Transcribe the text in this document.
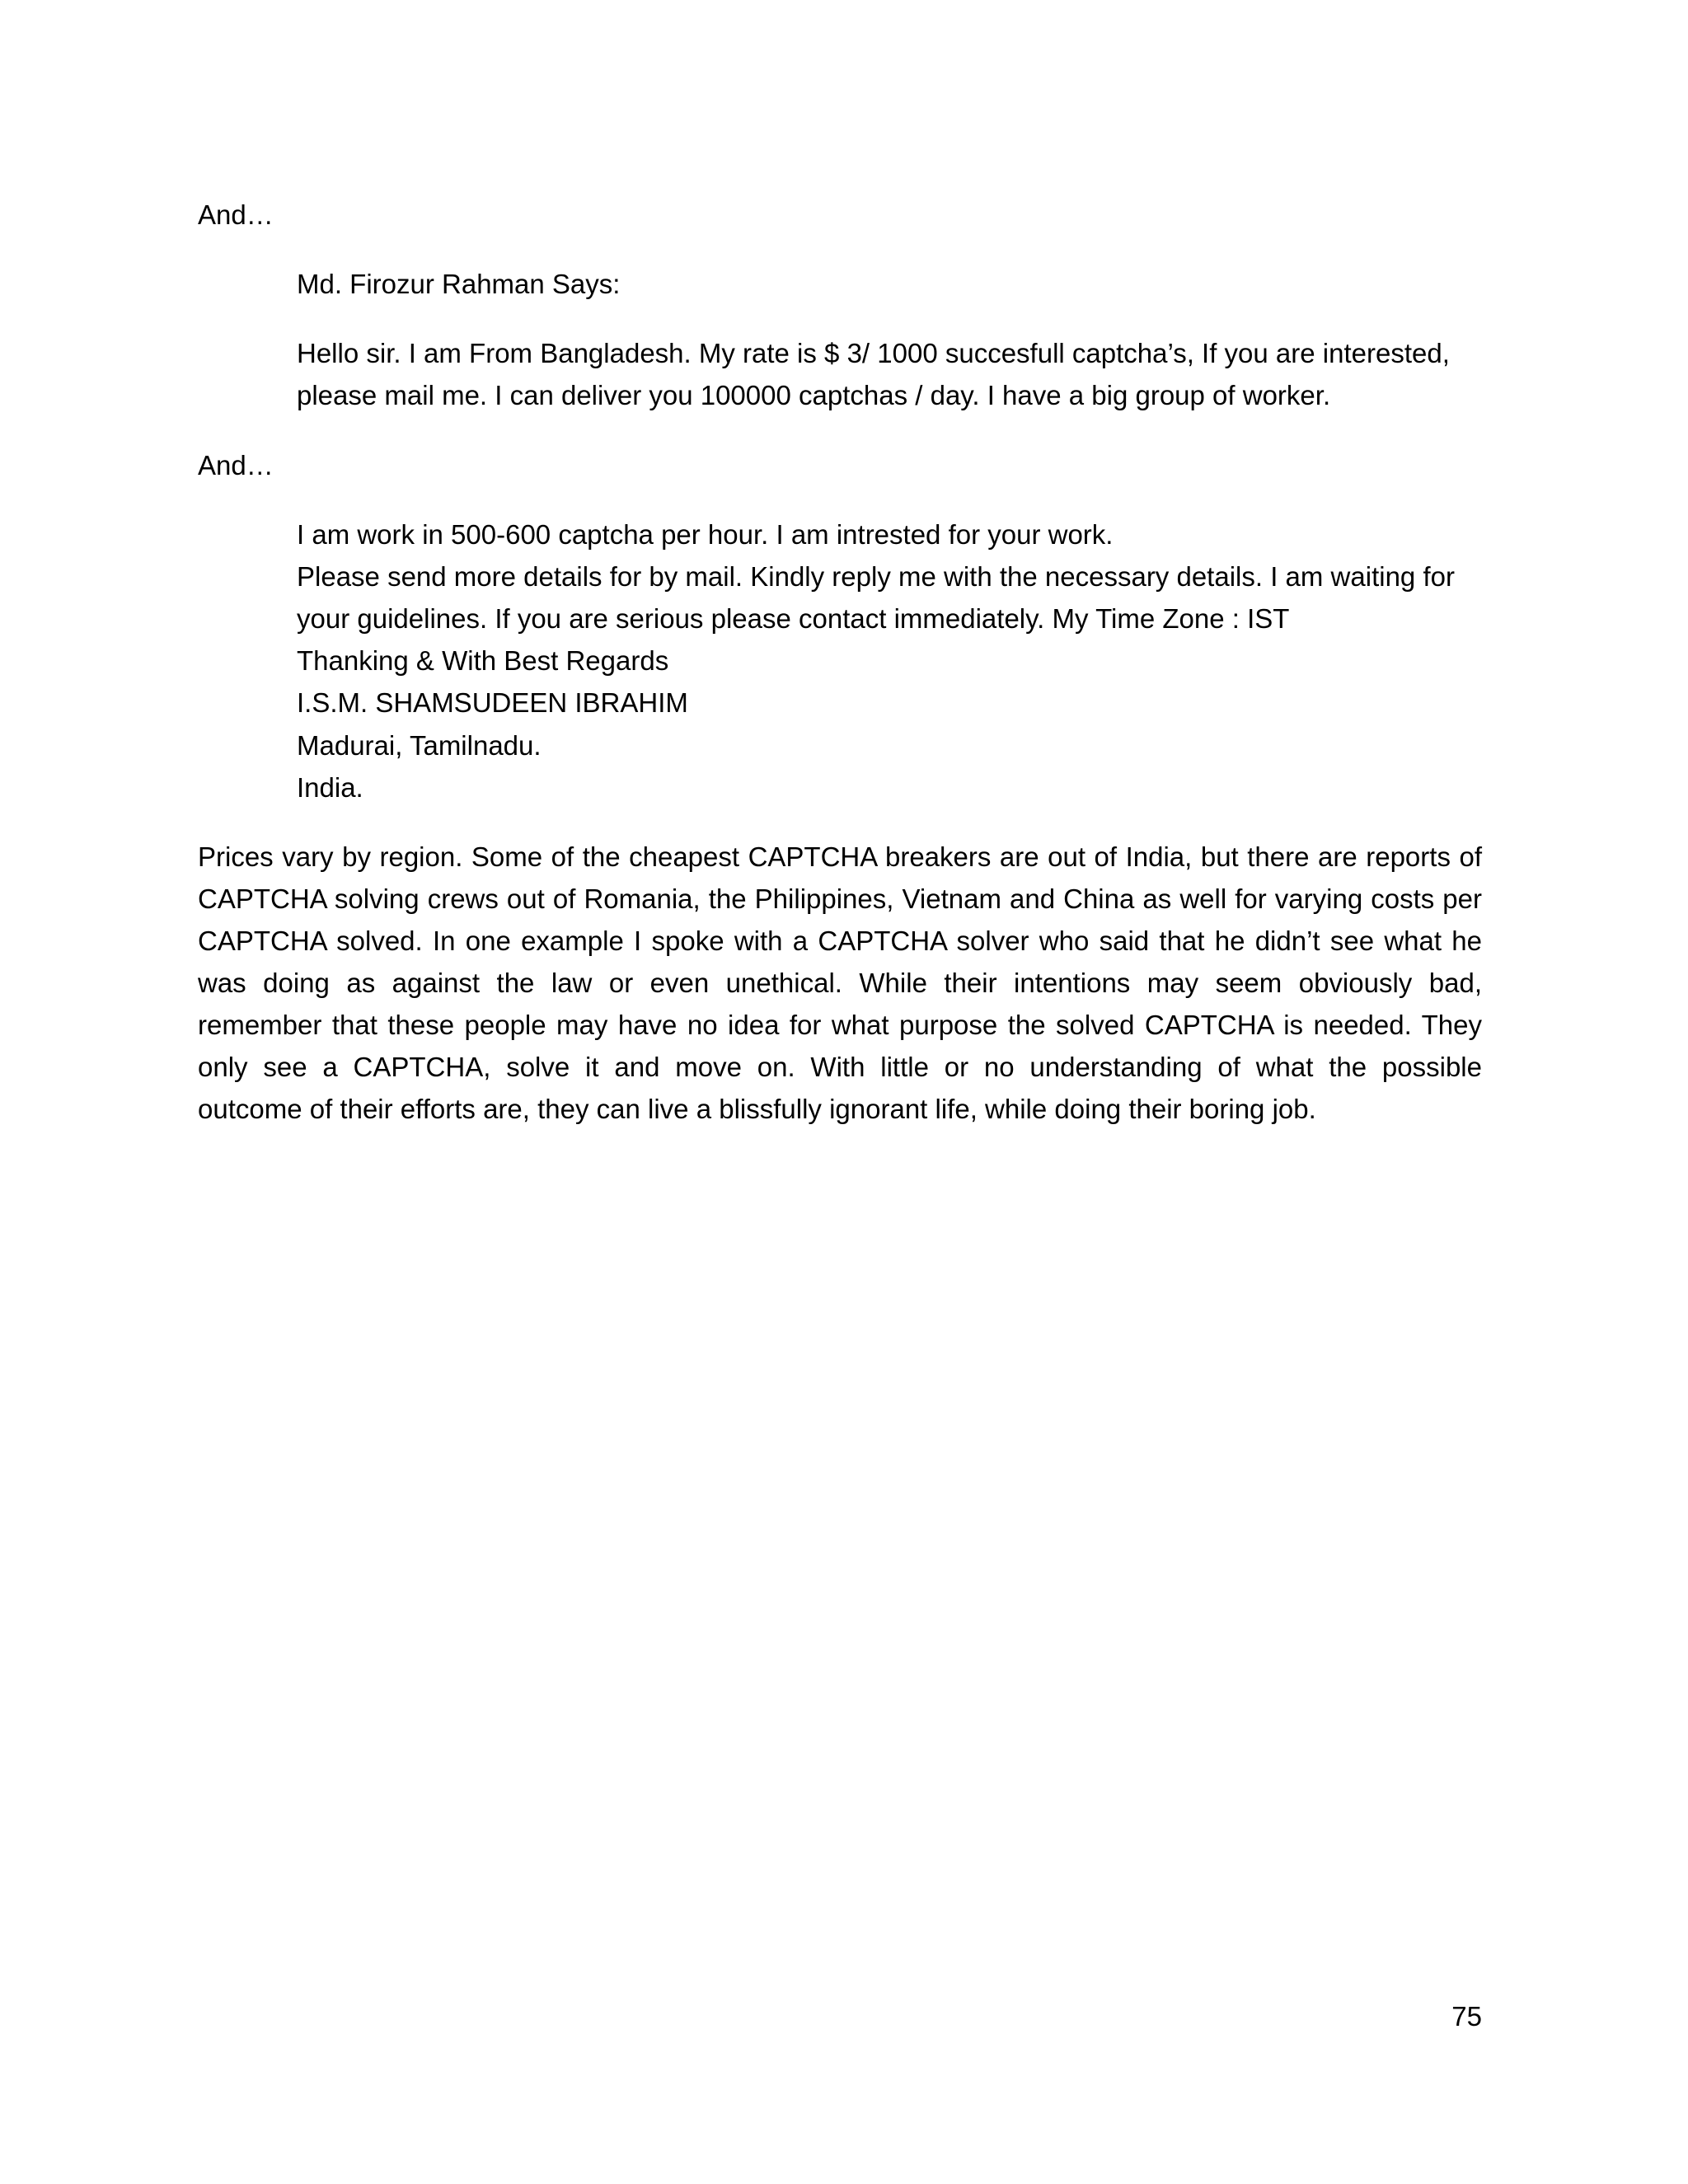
And…
Md. Firozur Rahman Says:
Hello sir. I am From Bangladesh. My rate is $ 3/ 1000 succesfull captcha’s, If you are interested,
please mail me. I can deliver you 100000 captchas / day. I have a big group of worker.
And…
I am work in 500-600 captcha per hour. I am intrested for your work.
Please send more details for by mail. Kindly reply me with the necessary details. I am waiting for
your guidelines. If you are serious please contact immediately. My Time Zone : IST
Thanking & With Best Regards
I.S.M. SHAMSUDEEN IBRAHIM
Madurai, Tamilnadu.
India.
Prices vary by region. Some of the cheapest CAPTCHA breakers are out of India, but there are reports of
CAPTCHA solving crews out of Romania, the Philippines, Vietnam and China as well for varying costs per
CAPTCHA solved. In one example I spoke with a CAPTCHA solver who said that he didn’t see what he
was doing as against the law or even unethical. While their intentions may seem obviously bad,
remember that these people may have no idea for what purpose the solved CAPTCHA is needed. They
only see a CAPTCHA, solve it and move on. With little or no understanding of what the possible
outcome of their efforts are, they can live a blissfully ignorant life, while doing their boring job.
75
